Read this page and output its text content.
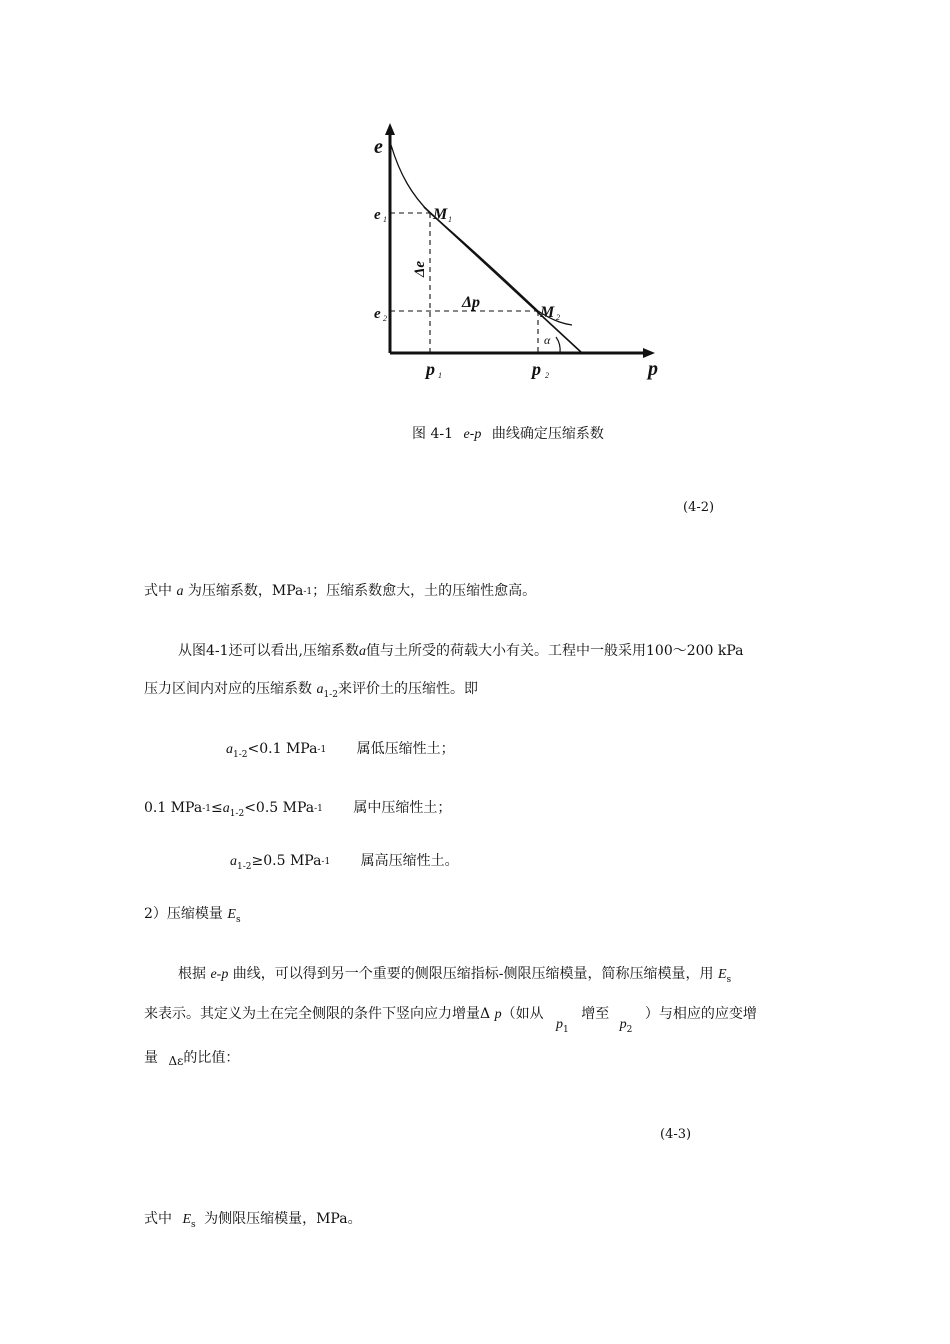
e
p
e 1
e 2
p 1	p 2
M 1
M 2
Δe
Δp
α
图 4-1 e-p 曲线确定压缩系数
(4-2)
式中 a 为压缩系数，MPa-1；压缩系数愈大，土的压缩性愈高。
从图4-1还可以看出,压缩系数a值与土所受的荷载大小有关。工程中一般采用100～200 kPa
压力区间内对应的压缩系数 $a_{1-2}$来评价土的压缩性。即
$a_{1-2}<0.1$ MPa-1 属低压缩性土；
0.1 MPa-$1\le a_{1-2}<0.5$ MPa-1 属中压缩性土；
$a_{1-2}\ge 0.5$ MPa-1 属高压缩性土。
2）压缩模量 $E_s$
根据 e-p 曲线，可以得到另一个重要的侧限压缩指标-侧限压缩模量，简称压缩模量，用 $E_s$
来表示。其定义为土在完全侧限的条件下竖向应力增量Δ p（如从 $p_1$ 增至 $p_2$ ）与相应的应变增
量 Δε的比值：
(4-3)
式中 $E_s$ 为侧限压缩模量，MPa。
